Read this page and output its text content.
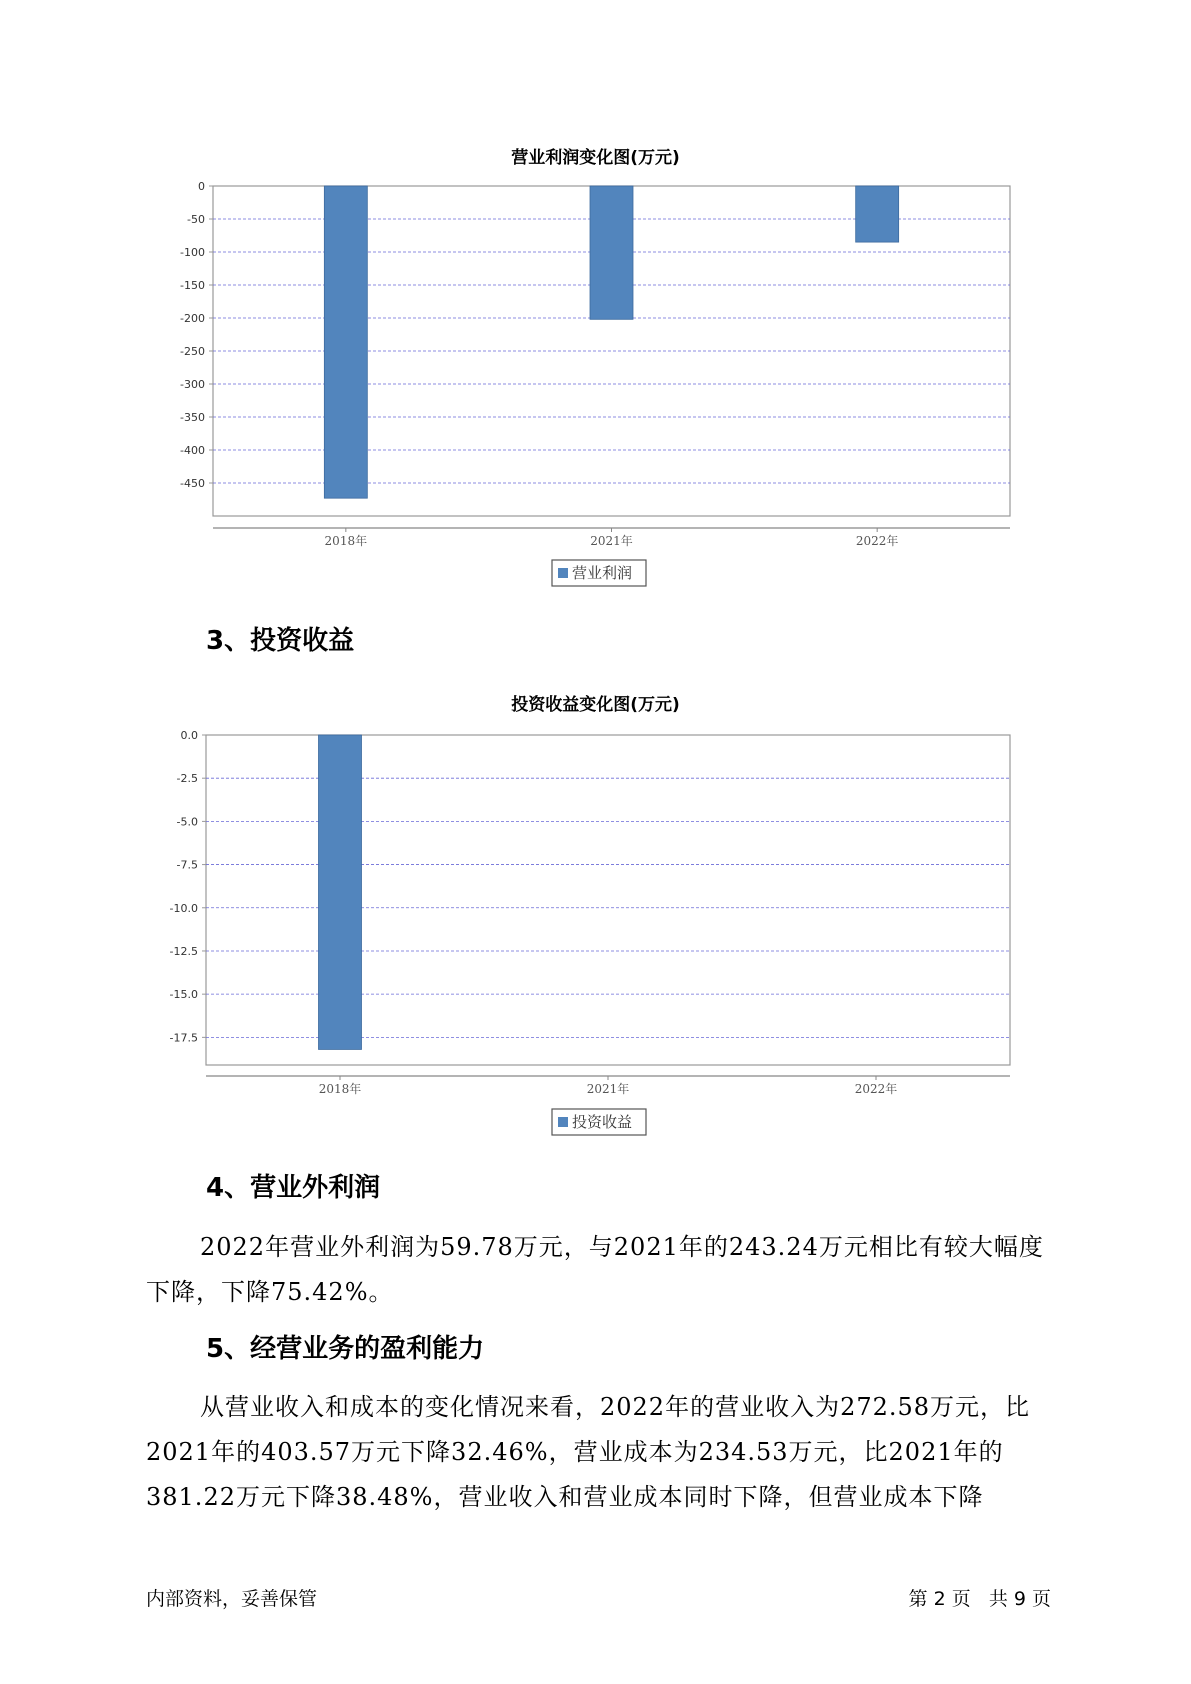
营业利润变化图(万元)
0
-50
-100
-150
-200
-250
-300
-350
-400
-450
2018年	2021年	2022年
营业利润
3、投资收益
投资收益变化图(万元)
0.0
-2.5
-5.0
-7.5
-10.0
-12.5
-15.0
-17.5
2018年	2021年	2022年
投资收益
4、营业外利润
2022年营业外利润为59.78万元，与2021年的243.24万元相比有较大幅度下降，下降75.42%。
5、经营业务的盈利能力
从营业收入和成本的变化情况来看，2022年的营业收入为272.58万元，比2021年的403.57万元下降32.46%，营业成本为234.53万元，比2021年的381.22万元下降38.48%，营业收入和营业成本同时下降，但营业成本下降
内部资料，妥善保管	第 2 页   共 9 页
